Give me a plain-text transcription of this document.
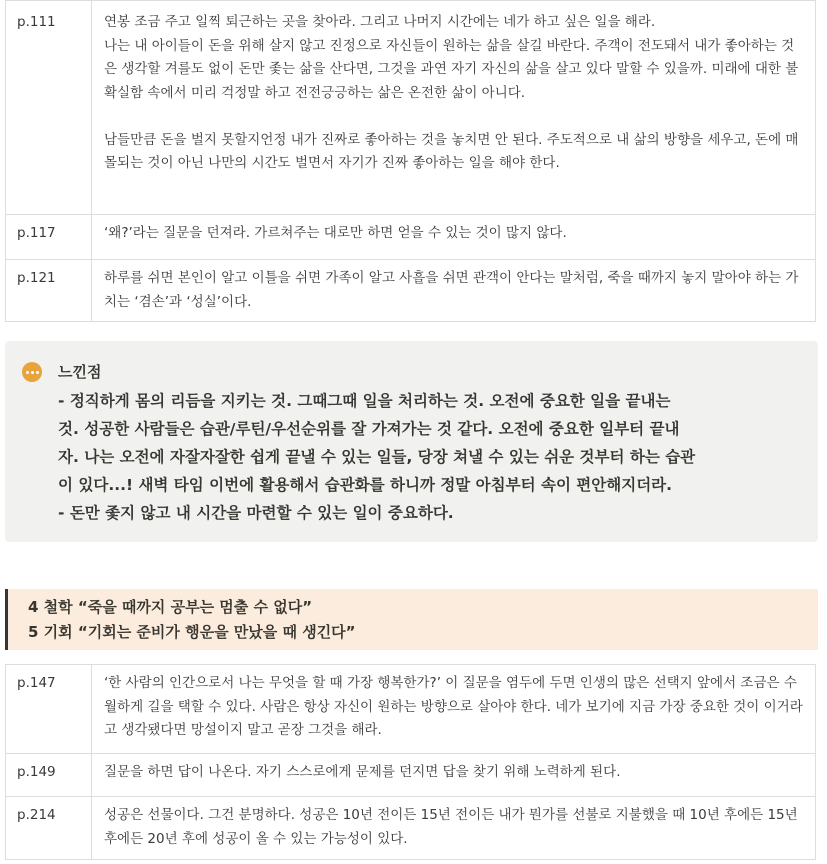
p.111	연봉 조금 주고 일찍 퇴근하는 곳을 찾아라. 그리고 나머지 시간에는 네가 하고 싶은 일을 해라.
나는 내 아이들이 돈을 위해 살지 않고 진정으로 자신들이 원하는 삶을 살길 바란다. 주객이 전도돼서 내가 좋아하는 것은 생각할 겨를도 없이 돈만 좇는 삶을 산다면, 그것을 과연 자기 자신의 삶을 살고 있다 말할 수 있을까. 미래에 대한 불확실함 속에서 미리 걱정말 하고 전전긍긍하는 삶은 온전한 삶이 아니다.
남들만큼 돈을 벌지 못할지언정 내가 진짜로 좋아하는 것을 놓치면 안 된다. 주도적으로 내 삶의 방향을 세우고, 돈에 매몰되는 것이 아닌 나만의 시간도 벌면서 자기가 진짜 좋아하는 일을 해야 한다.

p.117	‘왜?’라는 질문을 던져라. 가르쳐주는 대로만 하면 얻을 수 있는 것이 많지 않다.

p.121	하루를 쉬면 본인이 알고 이틀을 쉬면 가족이 알고 사흘을 쉬면 관객이 안다는 말처럼, 죽을 때까지 놓지 말아야 하는 가치는 ‘겸손’과 ‘성실’이다.
느낀점
- 정직하게 몸의 리듬을 지키는 것. 그때그때 일을 처리하는 것. 오전에 중요한 일을 끝내는
것. 성공한 사람들은 습관/루틴/우선순위를 잘 가져가는 것 같다. 오전에 중요한 일부터 끝내
자. 나는 오전에 자잘자잘한 쉽게 끝낼 수 있는 일들, 당장 쳐낼 수 있는 쉬운 것부터 하는 습관
이 있다...! 새벽 타임 이번에 활용해서 습관화를 하니까 정말 아침부터 속이 편안해지더라.
- 돈만 좇지 않고 내 시간을 마련할 수 있는 일이 중요하다.
4 철학 “죽을 때까지 공부는 멈출 수 없다”
5 기회 “기회는 준비가 행운을 만났을 때 생긴다”
p.147	‘한 사람의 인간으로서 나는 무엇을 할 때 가장 행복한가?’ 이 질문을 염두에 두면 인생의 많은 선택지 앞에서 조금은 수월하게 길을 택할 수 있다. 사람은 항상 자신이 원하는 방향으로 살아야 한다. 네가 보기에 지금 가장 중요한 것이 이거라고 생각됐다면 망설이지 말고 곧장 그것을 해라.

p.149	질문을 하면 답이 나온다. 자기 스스로에게 문제를 던지면 답을 찾기 위해 노력하게 된다.

p.214	성공은 선물이다. 그건 분명하다. 성공은 10년 전이든 15년 전이든 내가 뭔가를 선불로 지불했을 때 10년 후에든 15년 후에든 20년 후에 성공이 올 수 있는 가능성이 있다.
